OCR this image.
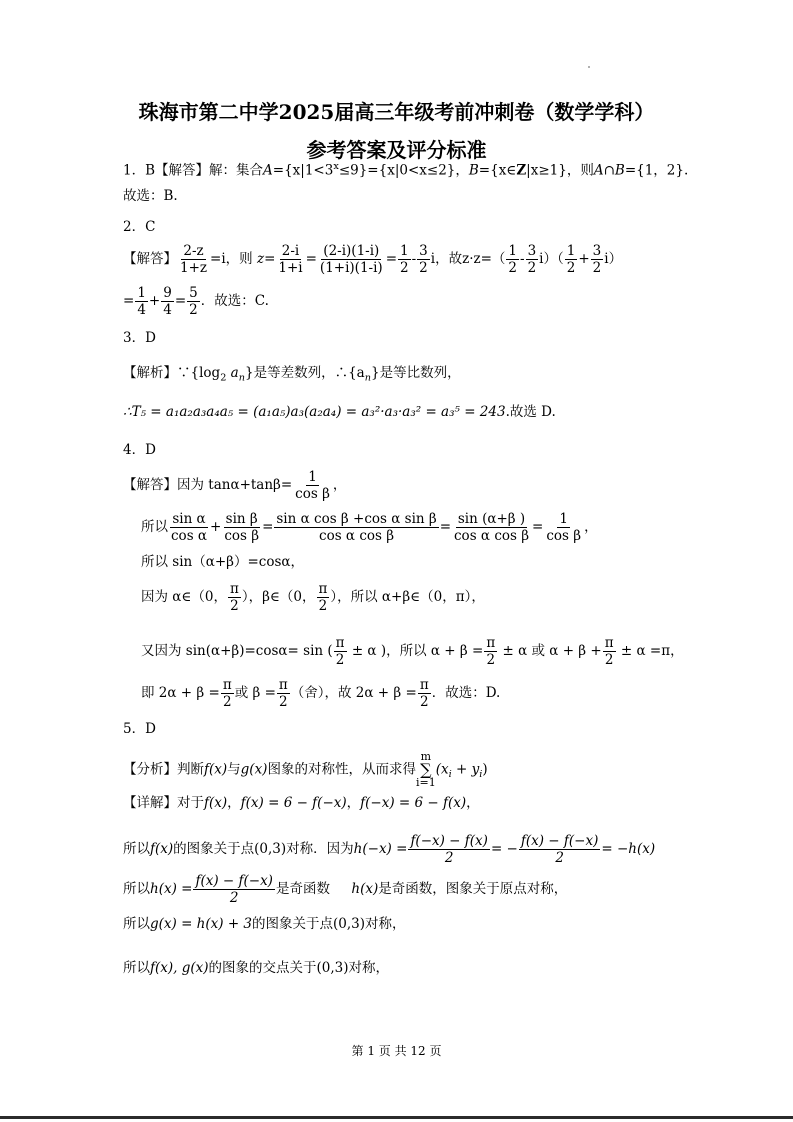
珠海市第二中学2025届高三年级考前冲刺卷（数学学科）
参考答案及评分标准
1．B【解答】解：集合$A=\{x|1<3^x\le 9\}=\{x|0<x\le 2\}$，B={x∈Z|x≥1}，则A∩B={1，2}.
故选：B.
2．C
【解答】 $\frac{2-z}{1+z} =i$，则 $z= \frac{2-i}{1+i} = \frac{(2-i)(1-i)}{(1+i)(1-i)} = \frac{1}{2} - \frac{3}{2}$ i，故$z\cdot z=( \frac{1}{2} - \frac{3}{2} i)( \frac{1}{2} + \frac{3}{2} i)$
= $\frac{1}{4} + \frac{9}{4} = \frac{5}{2}$ ．故选：C.
3．D
【解析】$\because\{\log_2$ $a_n$}是等差数列，$\therefore\{a_n\}$是等比数列，
∴T₅ = a₁a₂a₃a₄a₅ = (a₁a₅)a₃(a₂a₄) = a₃²·a₃·a₃² = a₃⁵ = 243.故选 D.
4．D
【解答】因为 $\tan\alpha+\tan\beta= \frac{1}{\text{cos β}}$ ，
所以 $\frac{\text{sin α}}{\text{cos α}} + \frac{\text{sin β}}{\text{cos β}} = \frac{\text{sin α cos β +cos α sin β}}{\text{cos α cos β}} = \frac{\sin (\alpha+\beta )}{\text{cos α cos β}} = \frac{1}{\text{cos β}}$ ，
所以 sin（α+β）=cosα，
因为 α∈（0， $\frac{\pi}{2}$ ），β∈（0， $\frac{\pi}{2}$ ），所以 α+β∈（0，π），
又因为 sin(α+β)=cosα= sin ( $\frac{\pi}{2} \pm \alpha$ )，所以 $\alpha + \beta = \frac{\pi}{2} \pm \alpha$ 或 $\alpha + \beta + \frac{\pi}{2} \pm \alpha =\pi$，
即 $2\alpha + \beta = \frac{\pi}{2}$ 或 $\beta = \frac{\pi}{2}$ （舍），故 $2\alpha + \beta = \frac{\pi}{2}$ ．故选：D.
5．D
【分析】判断f(x)与g(x)图象的对称性，从而求得
m
∑
i=1
$(x_i + y_i)$
【详解】对于f(x)，f(x) = 6 − f(−x)，f(−x) = 6 − f(x)，
所以f(x)的图象关于点(0,3)对称．因为$h(-x) = \frac{f(-x) - f(x)}{2}$ = − $\frac{f(x) - f(-x)}{2} = -h(x)$
所以$h(x) = \frac{f(x) - f(-x)}{2}$ 是奇函数 h(x)是奇函数，图象关于原点对称，
所以g(x) = h(x) + 3的图象关于点(0,3)对称，
所以f(x), g(x)的图象的交点关于(0,3)对称，
第 1 页 共 12 页
